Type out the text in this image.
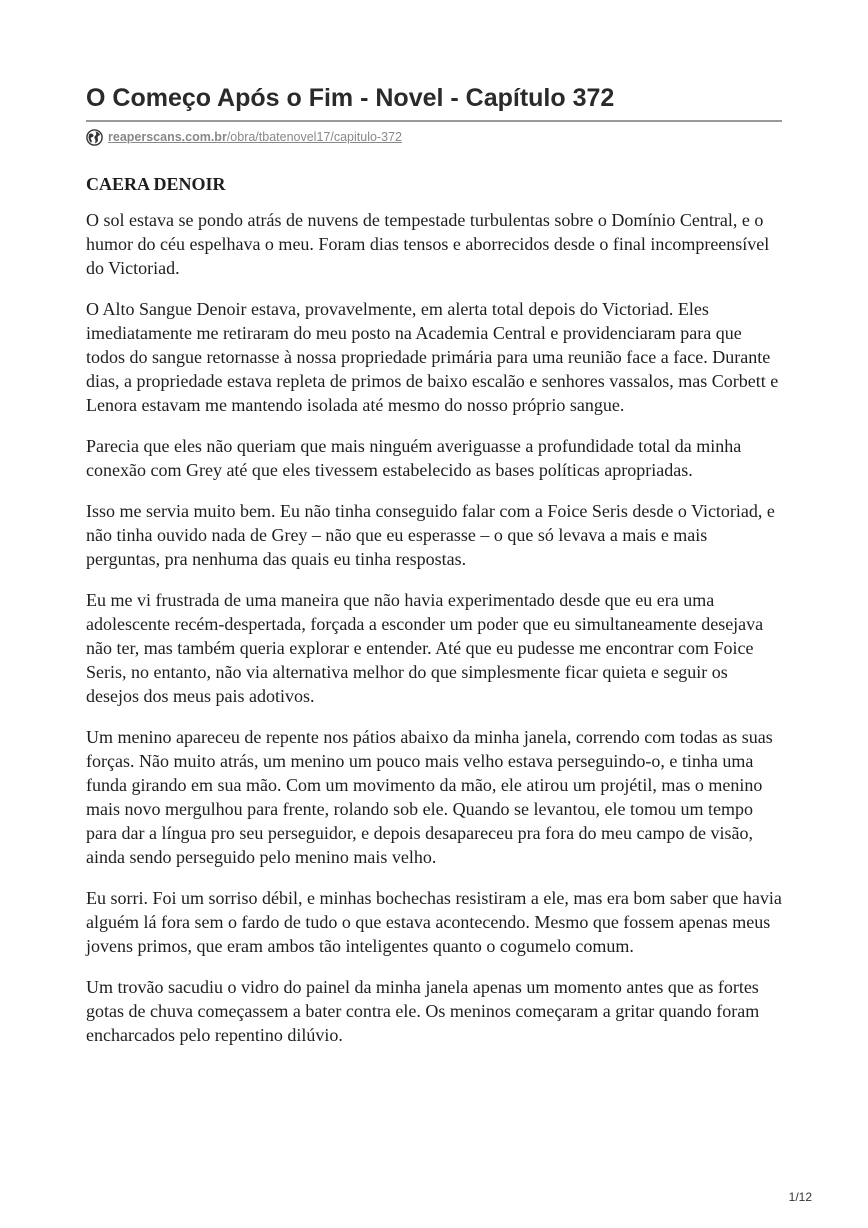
O Começo Após o Fim - Novel - Capítulo 372
reaperscans.com.br/obra/tbatenovel17/capitulo-372

CAERA DENOIR

O sol estava se pondo atrás de nuvens de tempestade turbulentas sobre o Domínio Central, e o humor do céu espelhava o meu. Foram dias tensos e aborrecidos desde o final incompreensível do Victoriad.

O Alto Sangue Denoir estava, provavelmente, em alerta total depois do Victoriad. Eles imediatamente me retiraram do meu posto na Academia Central e providenciaram para que todos do sangue retornasse à nossa propriedade primária para uma reunião face a face. Durante dias, a propriedade estava repleta de primos de baixo escalão e senhores vassalos, mas Corbett e Lenora estavam me mantendo isolada até mesmo do nosso próprio sangue.

Parecia que eles não queriam que mais ninguém averiguasse a profundidade total da minha conexão com Grey até que eles tivessem estabelecido as bases políticas apropriadas.

Isso me servia muito bem. Eu não tinha conseguido falar com a Foice Seris desde o Victoriad, e não tinha ouvido nada de Grey – não que eu esperasse – o que só levava a mais e mais perguntas, pra nenhuma das quais eu tinha respostas.

Eu me vi frustrada de uma maneira que não havia experimentado desde que eu era uma adolescente recém-despertada, forçada a esconder um poder que eu simultaneamente desejava não ter, mas também queria explorar e entender. Até que eu pudesse me encontrar com Foice Seris, no entanto, não via alternativa melhor do que simplesmente ficar quieta e seguir os desejos dos meus pais adotivos.

Um menino apareceu de repente nos pátios abaixo da minha janela, correndo com todas as suas forças. Não muito atrás, um menino um pouco mais velho estava perseguindo-o, e tinha uma funda girando em sua mão. Com um movimento da mão, ele atirou um projétil, mas o menino mais novo mergulhou para frente, rolando sob ele. Quando se levantou, ele tomou um tempo para dar a língua pro seu perseguidor, e depois desapareceu pra fora do meu campo de visão, ainda sendo perseguido pelo menino mais velho.

Eu sorri. Foi um sorriso débil, e minhas bochechas resistiram a ele, mas era bom saber que havia alguém lá fora sem o fardo de tudo o que estava acontecendo. Mesmo que fossem apenas meus jovens primos, que eram ambos tão inteligentes quanto o cogumelo comum.

Um trovão sacudiu o vidro do painel da minha janela apenas um momento antes que as fortes gotas de chuva começassem a bater contra ele. Os meninos começaram a gritar quando foram encharcados pelo repentino dilúvio.

1/12
